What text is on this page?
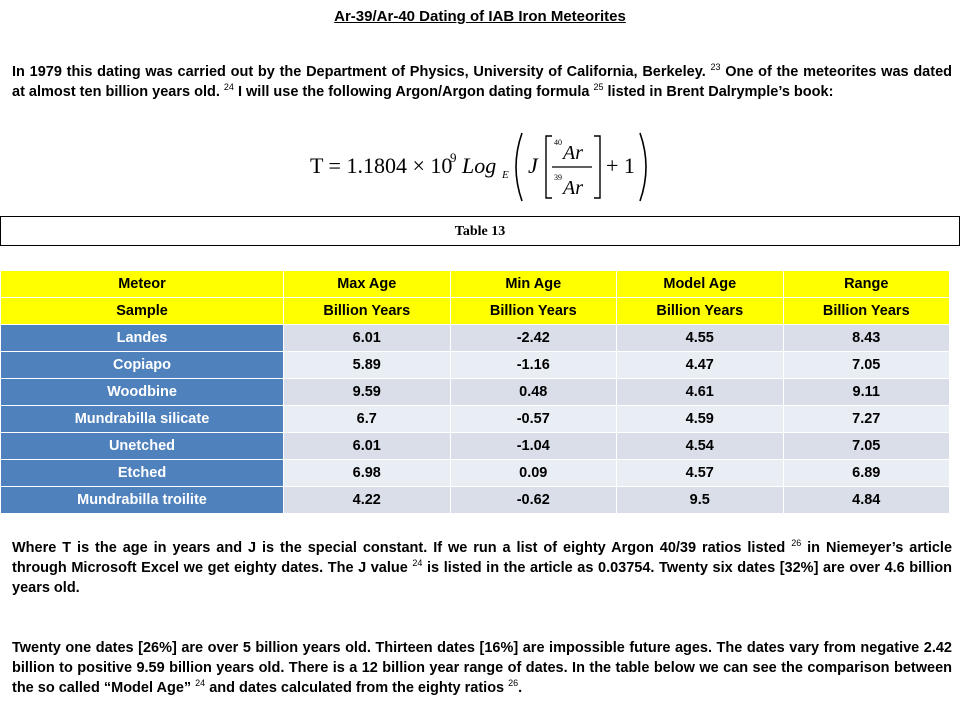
Ar-39/Ar-40 Dating of IAB Iron Meteorites
In 1979 this dating was carried out by the Department of Physics, University of California, Berkeley. $^{23}$ One of the meteorites was dated at almost ten billion years old. $^{24}$ I will use the following Argon/Argon dating formula $^{25}$ listed in Brent Dalrymple’s book:
T = 1.1804 × 10
9 Log E J
40 Ar
39 Ar
+ 1
Table 13
Meteor	Max Age	Min Age	Model Age	Range
Sample	Billion Years	Billion Years	Billion Years	Billion Years
Landes	6.01	-2.42	4.55	8.43
Copiapo	5.89	-1.16	4.47	7.05
Woodbine	9.59	0.48	4.61	9.11
Mundrabilla silicate	6.7	-0.57	4.59	7.27
Unetched	6.01	-1.04	4.54	7.05
Etched	6.98	0.09	4.57	6.89
Mundrabilla troilite	4.22	-0.62	9.5	4.84
Where T is the age in years and J is the special constant. If we run a list of eighty Argon 40/39 ratios listed $^{26}$ in Niemeyer’s article through Microsoft Excel we get eighty dates. The J value $^{24}$ is listed in the article as 0.03754. Twenty six dates [32%] are over 4.6 billion years old.
Twenty one dates [26%] are over 5 billion years old. Thirteen dates [16%] are impossible future ages. The dates vary from negative 2.42 billion to positive 9.59 billion years old. There is a 12 billion year range of dates. In the table below we can see the comparison between the so called “Model Age” $^{24}$ and dates calculated from the eighty ratios $^{26}$.
